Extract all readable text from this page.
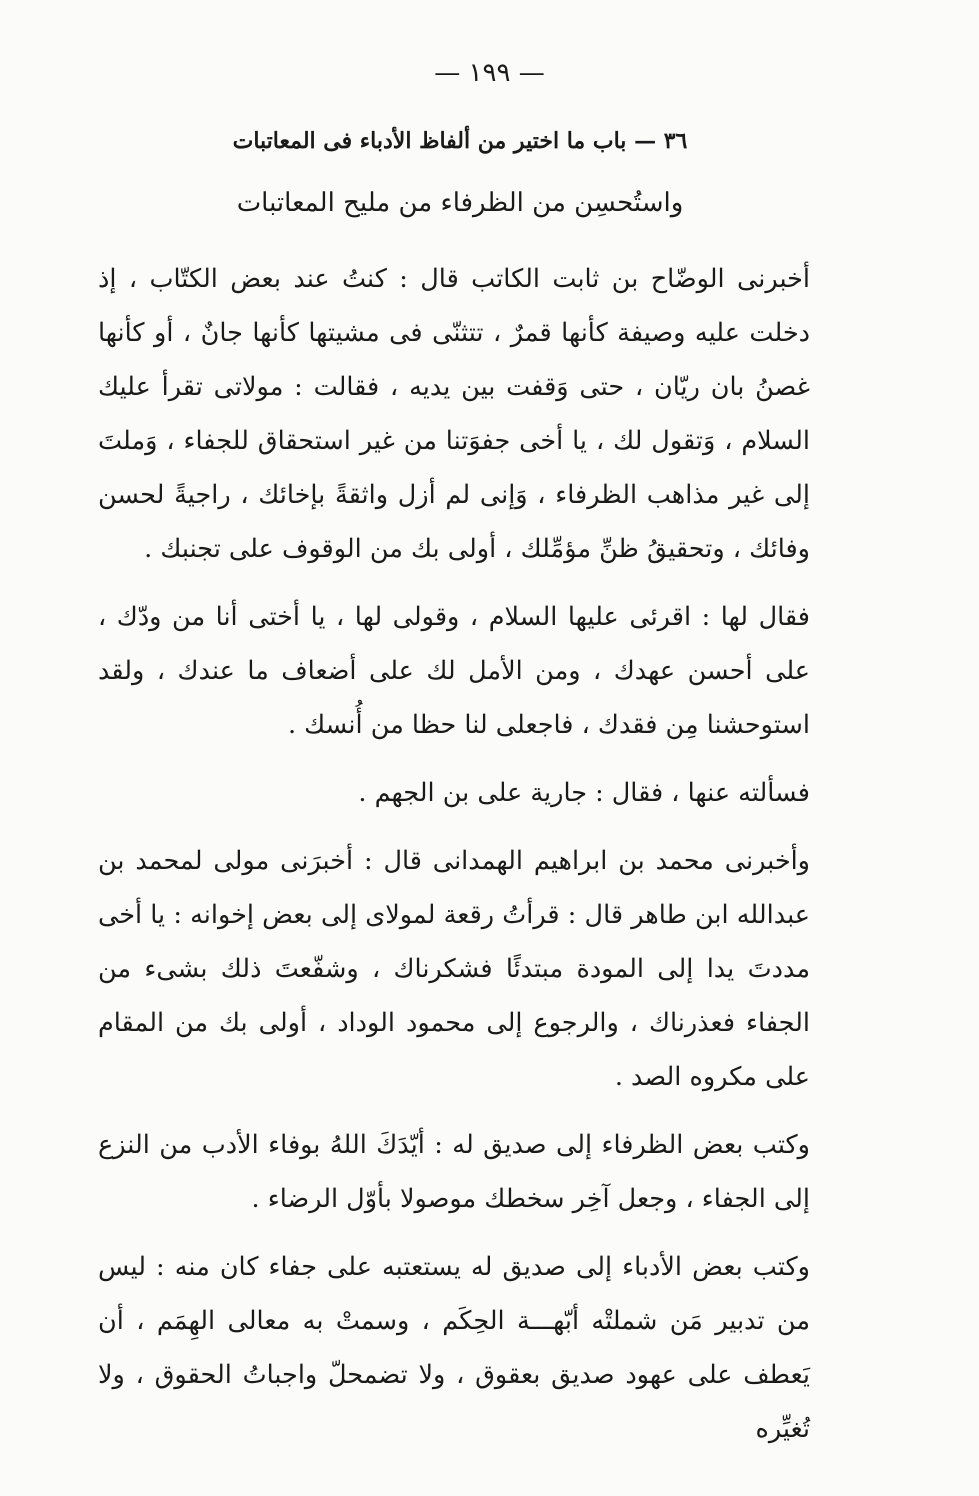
— ١٩٩ —
٣٦ — باب ما اختير من ألفاظ الأدباء فى المعاتبات
واستُحسِن من الظرفاء من مليح المعاتبات

أخبرنى الوضّاح بن ثابت الكاتب قال : كنتُ عند بعض الكتّاب ، إذ دخلت عليه وصيفة كأنها قمرٌ ، تتثنّى فى مشيتها كأنها جانٌ ، أو كأنها غصنُ بان ريّان ، حتى وَقفت بين يديه ، فقالت : مولاتى تقرأ عليك السلام ، وَتقول لك ، يا أخى جفوَتنا من غير استحقاق للجفاء ، وَملتَ إلى غير مذاهب الظرفاء ، وَإنى لم أزل واثقةً بإخائك ، راجيةً لحسن وفائك ، وتحقيقُ ظنِّ مؤمِّلك ، أولى بك من الوقوف على تجنبك .

فقال لها : اقرئى عليها السلام ، وقولى لها ، يا أختى أنا من ودّك ، على أحسن عهدك ، ومن الأمل لك على أضعاف ما عندك ، ولقد استوحشنا مِن فقدك ، فاجعلى لنا حظا من أُنسك .

فسألته عنها ، فقال : جارية على بن الجهم .

وأخبرنى محمد بن ابراهيم الهمدانى قال : أخبرَنى مولى لمحمد بن عبدالله ابن طاهر قال : قرأتُ رقعة لمولاى إلى بعض إخوانه : يا أخى مددتَ يدا إلى المودة مبتدئًا فشكرناك ، وشفّعتَ ذلك بشىء من الجفاء فعذرناك ، والرجوع إلى محمود الوداد ، أولى بك من المقام على مكروه الصد .

وكتب بعض الظرفاء إلى صديق له : أيّدَكَ اللهُ بوفاء الأدب من النزع إلى الجفاء ، وجعل آخِر سخطك موصولا بأوّل الرضاء .

وكتب بعض الأدباء إلى صديق له يستعتبه على جفاء كان منه : ليس من تدبير مَن شملتْه أبّهـــة الحِكَم ، وسمتْ به معالى الهِمَم ، أن يَعطف على عهود صديق بعقوق ، ولا تضمحلّ واجباتُ الحقوق ، ولا تُغيِّره
